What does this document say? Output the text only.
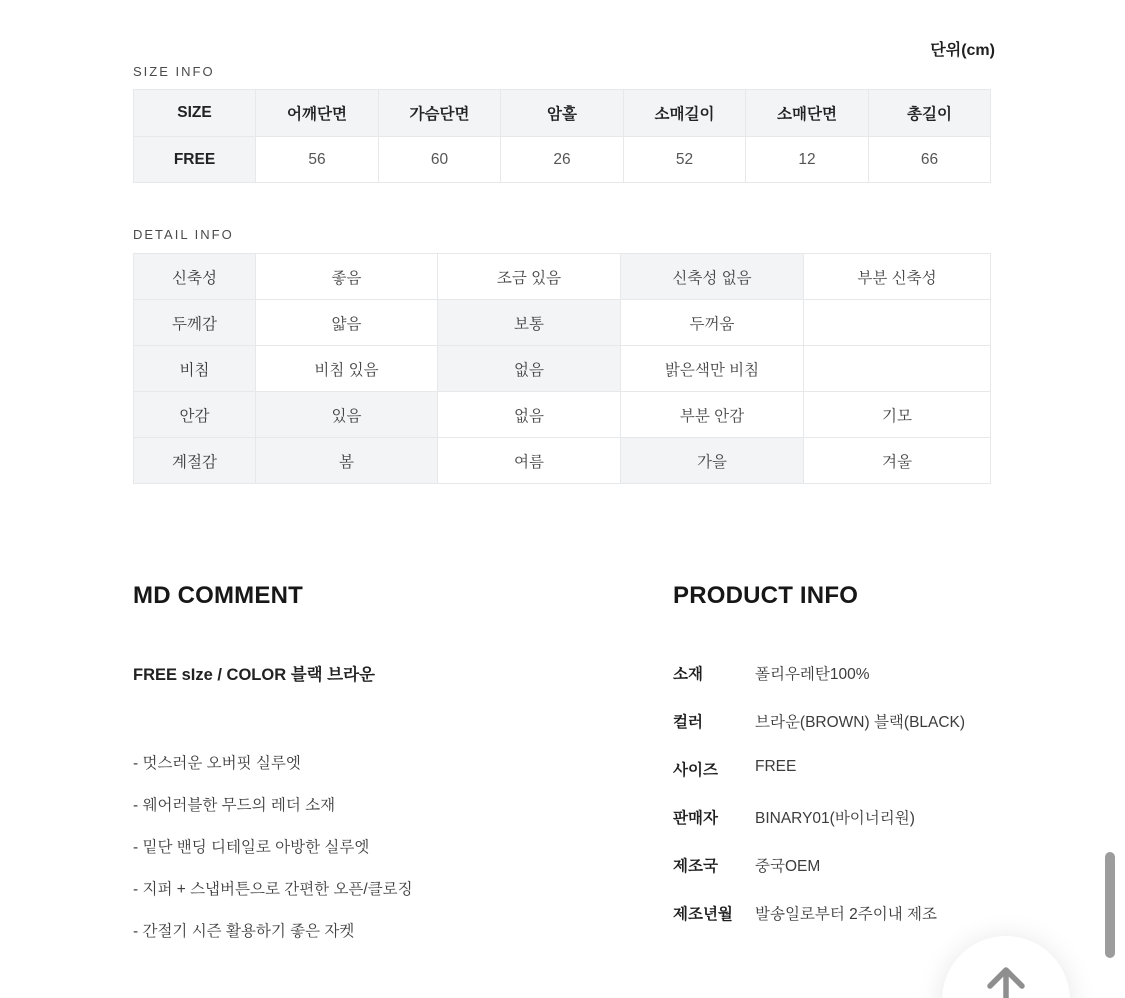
단위(cm)
SIZE INFO
SIZE	어깨단면	가슴단면	암홀	소매길이	소매단면	총길이
FREE	56	60	26	52	12	66
DETAIL INFO
신축성	좋음	조금 있음	신축성 없음	부분 신축성
두께감	얇음	보통	두꺼움	
비침	비침 있음	없음	밝은색만 비침	
안감	있음	없음	부분 안감	기모
계절감	봄	여름	가을	겨울
MD COMMENT
FREE sIze / COLOR 블랙 브라운
- 멋스러운 오버핏 실루엣
- 웨어러블한 무드의 레더 소재
- 밑단 밴딩 디테일로 아방한 실루엣
- 지퍼 + 스냅버튼으로 간편한 오픈/클로징
- 간절기 시즌 활용하기 좋은 자켓
PRODUCT INFO
소재	폴리우레탄100%
컬러	브라운(BROWN) 블랙(BLACK)
사이즈	FREE
판매자	BINARY01(바이너리원)
제조국	중국OEM
제조년월	발송일로부터 2주이내 제조
